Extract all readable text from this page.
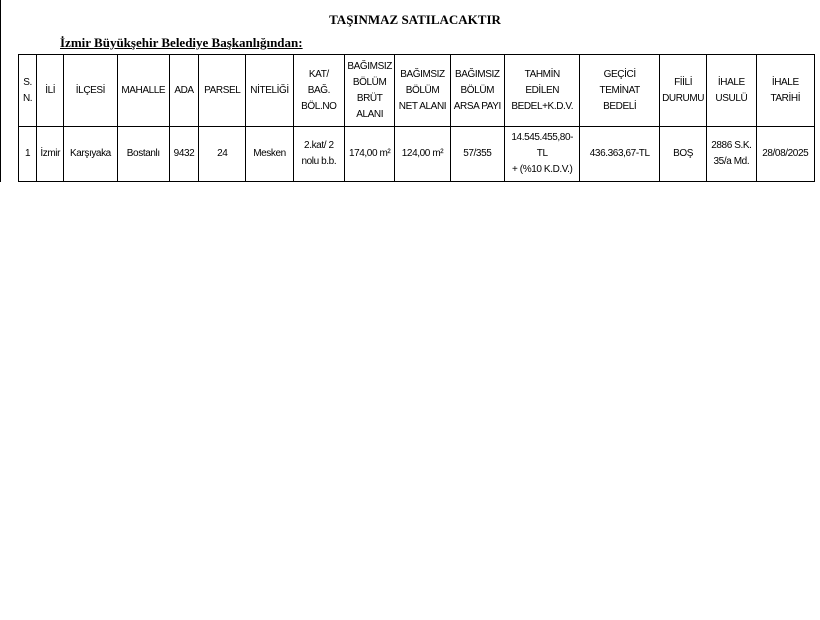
TAŞINMAZ SATILACAKTIR
İzmir Büyükşehir Belediye Başkanlığından:
S.
N.	İLİ	İLÇESİ	MAHALLE	ADA	PARSEL	NİTELİĞİ	KAT/
BAĞ.
BÖL.NO	BAĞIMSIZ
BÖLÜM
BRÜT
ALANI	BAĞIMSIZ
BÖLÜM
NET ALANI	BAĞIMSIZ
BÖLÜM
ARSA PAYI	TAHMİN
EDİLEN
BEDEL+K.D.V.	GEÇİCİ
TEMİNAT
BEDELİ	FİİLİ
DURUMU	İHALE
USULÜ	İHALE
TARİHİ
1	İzmir	Karşıyaka	Bostanlı	9432	24	Mesken	2.kat/ 2
nolu b.b.	174,00 m²	124,00 m²	57/355	14.545.455,80-
TL
+ (%10 K.D.V.)	436.363,67-TL	BOŞ	2886 S.K.
35/a Md.	28/08/2025
